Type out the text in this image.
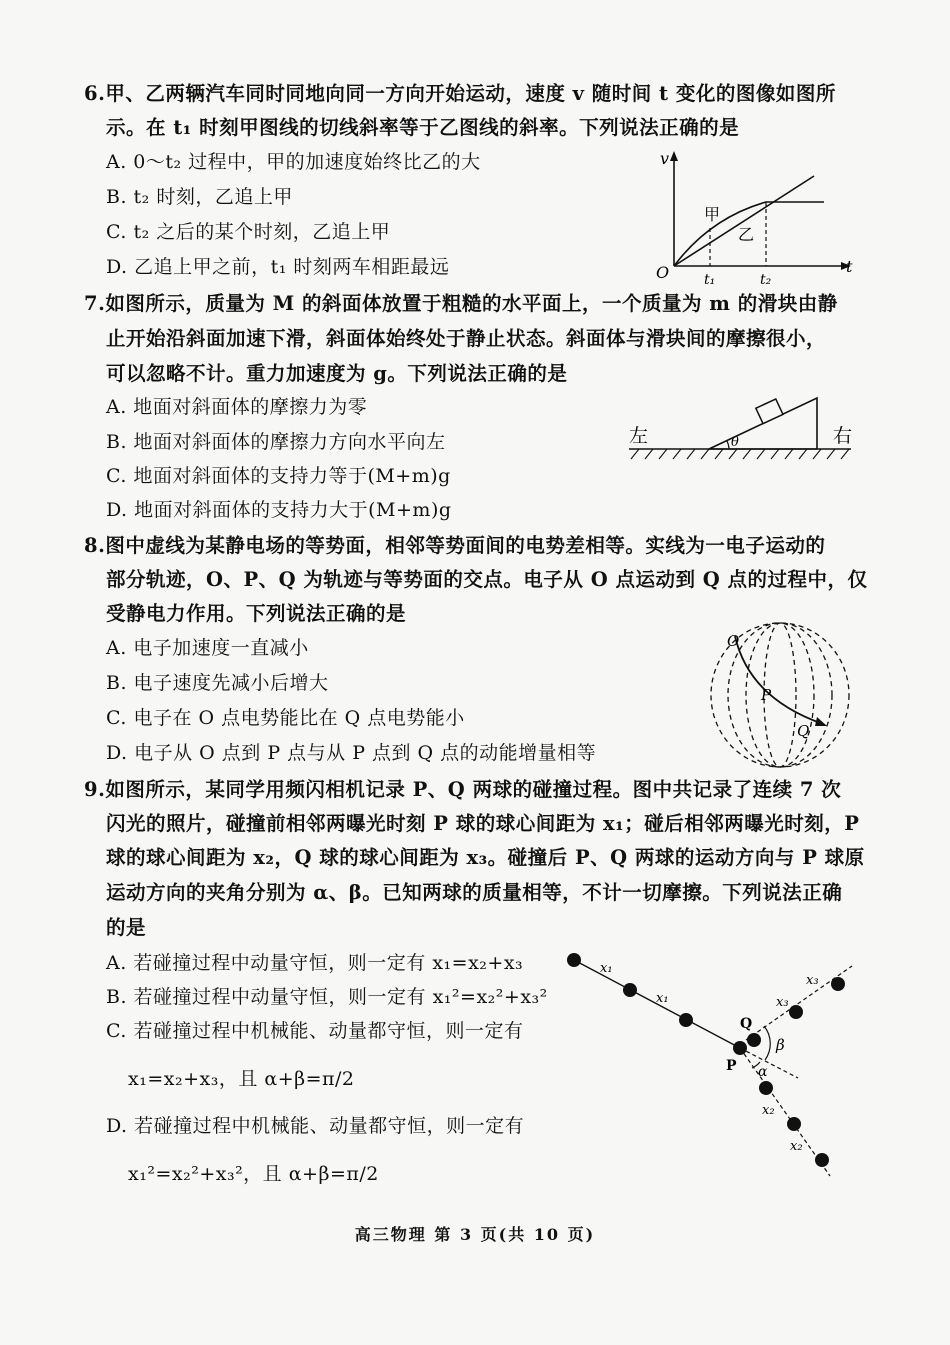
6.甲、乙两辆汽车同时同地向同一方向开始运动，速度 v 随时间 t 变化的图像如图所
示。在 t₁ 时刻甲图线的切线斜率等于乙图线的斜率。下列说法正确的是
A. 0～t₂ 过程中，甲的加速度始终比乙的大
B. t₂ 时刻，乙追上甲
C. t₂ 之后的某个时刻，乙追上甲
D. 乙追上甲之前，t₁ 时刻两车相距最远
v
t
O t₁	t₂
甲
乙
7.如图所示，质量为 M 的斜面体放置于粗糙的水平面上，一个质量为 m 的滑块由静
止开始沿斜面加速下滑，斜面体始终处于静止状态。斜面体与滑块间的摩擦很小，
可以忽略不计。重力加速度为 g。下列说法正确的是
A. 地面对斜面体的摩擦力为零
B. 地面对斜面体的摩擦力方向水平向左
C. 地面对斜面体的支持力等于(M+m)g
D. 地面对斜面体的支持力大于(M+m)g
θ
左	右
8.图中虚线为某静电场的等势面，相邻等势面间的电势差相等。实线为一电子运动的
部分轨迹，O、P、Q 为轨迹与等势面的交点。电子从 O 点运动到 Q 点的过程中，仅
受静电力作用。下列说法正确的是
A. 电子加速度一直减小
B. 电子速度先减小后增大
C. 电子在 O 点电势能比在 Q 点电势能小
D. 电子从 O 点到 P 点与从 P 点到 Q 点的动能增量相等
O
P
Q
9.如图所示，某同学用频闪相机记录 P、Q 两球的碰撞过程。图中共记录了连续 7 次
闪光的照片，碰撞前相邻两曝光时刻 P 球的球心间距为 x₁；碰后相邻两曝光时刻，P
球的球心间距为 x₂，Q 球的球心间距为 x₃。碰撞后 P、Q 两球的运动方向与 P 球原
运动方向的夹角分别为 α、β。已知两球的质量相等，不计一切摩擦。下列说法正确
的是
A. 若碰撞过程中动量守恒，则一定有 x₁=x₂+x₃
B. 若碰撞过程中动量守恒，则一定有 x₁²=x₂²+x₃²
C. 若碰撞过程中机械能、动量都守恒，则一定有
x₁=x₂+x₃，且 α+β=π/2
D. 若碰撞过程中机械能、动量都守恒，则一定有
x₁²=x₂²+x₃²，且 α+β=π/2
x₁
x₁	x₃
x₃
x₂
x₂
Q
P
β
α
高三物理 第 3 页(共 10 页)
